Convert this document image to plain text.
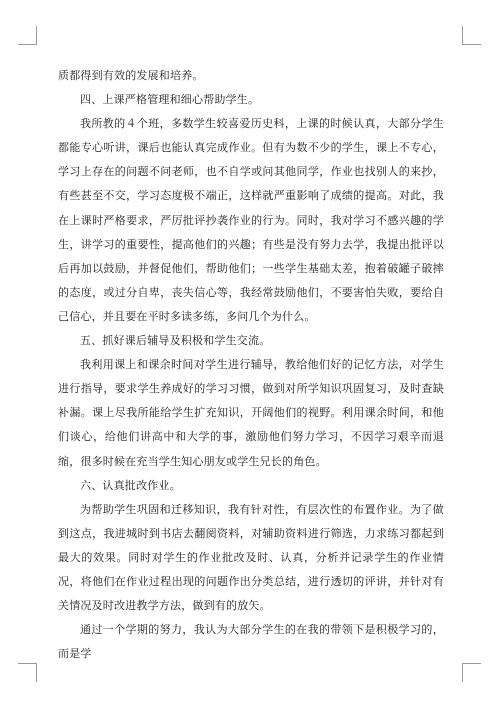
质都得到有效的发展和培养。

四、上课严格管理和细心帮助学生。

我所教的４个班，多数学生较喜爱历史科，上课的时候认真，大部分学生都能专心听讲，课后也能认真完成作业。但有为数不少的学生，课上不专心，学习上存在的问题不问老师，也不自学或问其他同学，作业也找别人的来抄，有些甚至不交，学习态度极不端正，这样就严重影响了成绩的提高。对此，我在上课时严格要求，严厉批评抄袭作业的行为。同时，我对学习不感兴趣的学生，讲学习的重要性，提高他们的兴趣；有些是没有努力去学，我提出批评以后再加以鼓励，并督促他们，帮助他们；一些学生基础太差，抱着破罐子破摔的态度，或过分自卑，丧失信心等，我经常鼓励他们，不要害怕失败，要给自己信心，并且要在平时多读多练，多问几个为什么。

五、抓好课后辅导及积极和学生交流。

我利用课上和课余时间对学生进行辅导，教给他们好的记忆方法，对学生进行指导，要求学生养成好的学习习惯，做到对所学知识巩固复习，及时查缺补漏。课上尽我所能给学生扩充知识，开阔他们的视野。利用课余时间，和他们谈心，给他们讲高中和大学的事，激励他们努力学习，不因学习艰辛而退缩，很多时候在充当学生知心朋友或学生兄长的角色。

六、认真批改作业。

为帮助学生巩固和迁移知识，我有针对性，有层次性的布置作业。为了做到这点，我进城时到书店去翻阅资料，对辅助资料进行筛选，力求练习都起到最大的效果。同时对学生的作业批改及时、认真，分析并记录学生的作业情况，将他们在作业过程出现的问题作出分类总结，进行透切的评讲，并针对有关情况及时改进教学方法，做到有的放矢。

通过一个学期的努力，我认为大部分学生的在我的带领下是积极学习的，而是学
